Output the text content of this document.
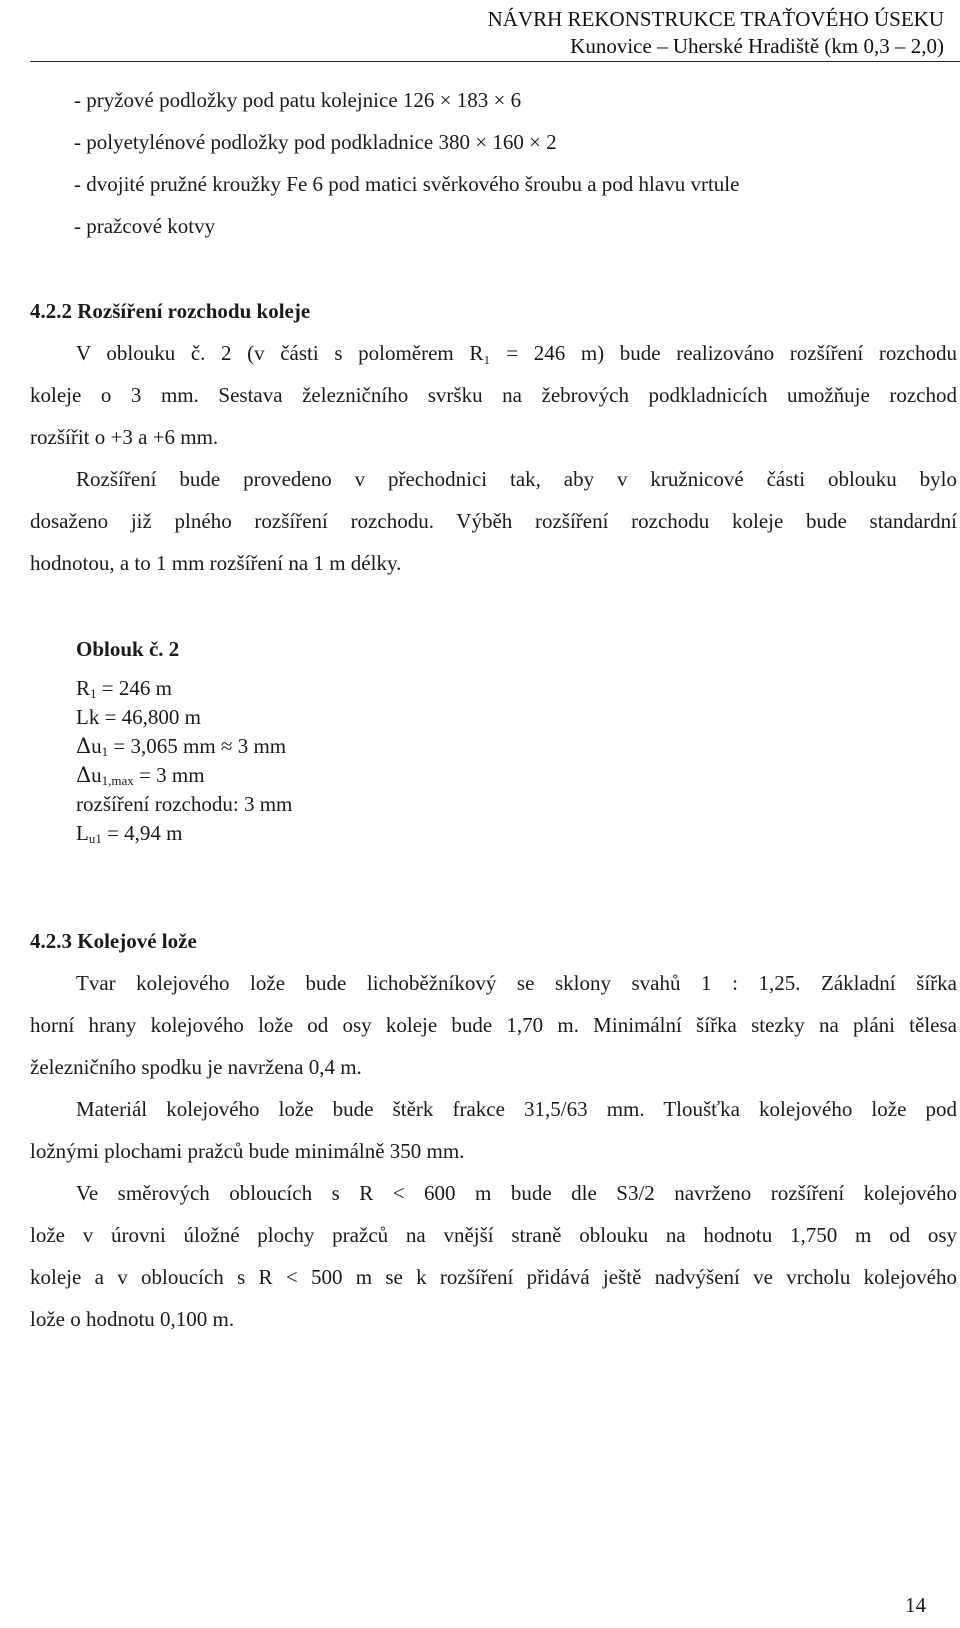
NÁVRH REKONSTRUKCE TRAŤOVÉHO ÚSEKU
Kunovice – Uherské Hradiště (km 0,3 – 2,0)
- pryžové podložky pod patu kolejnice 126 × 183 × 6
- polyetylénové podložky pod podkladnice 380 × 160 × 2
- dvojité pružné kroužky Fe 6 pod matici svěrkového šroubu a pod hlavu vrtule
- pražcové kotvy
4.2.2 Rozšíření rozchodu koleje
V oblouku č. 2 (v části s poloměrem R₁ = 246 m) bude realizováno rozšíření rozchodu
koleje o 3 mm. Sestava železničního svršku na žebrových podkladnicích umožňuje rozchod
rozšířit o +3 a +6 mm.
Rozšíření bude provedeno v přechodnici tak, aby v kružnicové části oblouku bylo
dosaženo již plného rozšíření rozchodu. Výběh rozšíření rozchodu koleje bude standardní
hodnotou, a to 1 mm rozšíření na 1 m délky.
Oblouk č. 2
$R_1 = 246$ m
Lk = 46,800 m
$\Delta u_1 = 3,065$ mm ≈ 3 mm
$\Delta u_{1,max} = 3$ mm
rozšíření rozchodu: 3 mm
$L_{u1} = 4,94$ m
4.2.3 Kolejové lože
Tvar kolejového lože bude lichoběžníkový se sklony svahů 1 : 1,25. Základní šířka
horní hrany kolejového lože od osy koleje bude 1,70 m. Minimální šířka stezky na pláni tělesa
železničního spodku je navržena 0,4 m.
Materiál kolejového lože bude štěrk frakce 31,5/63 mm. Tloušťka kolejového lože pod
ložnými plochami pražců bude minimálně 350 mm.
Ve směrových obloucích s R < 600 m bude dle S3/2 navrženo rozšíření kolejového
lože v úrovni úložné plochy pražců na vnější straně oblouku na hodnotu 1,750 m od osy
koleje a v obloucích s R < 500 m se k rozšíření přidává ještě nadvýšení ve vrcholu kolejového
lože o hodnotu 0,100 m.
14
